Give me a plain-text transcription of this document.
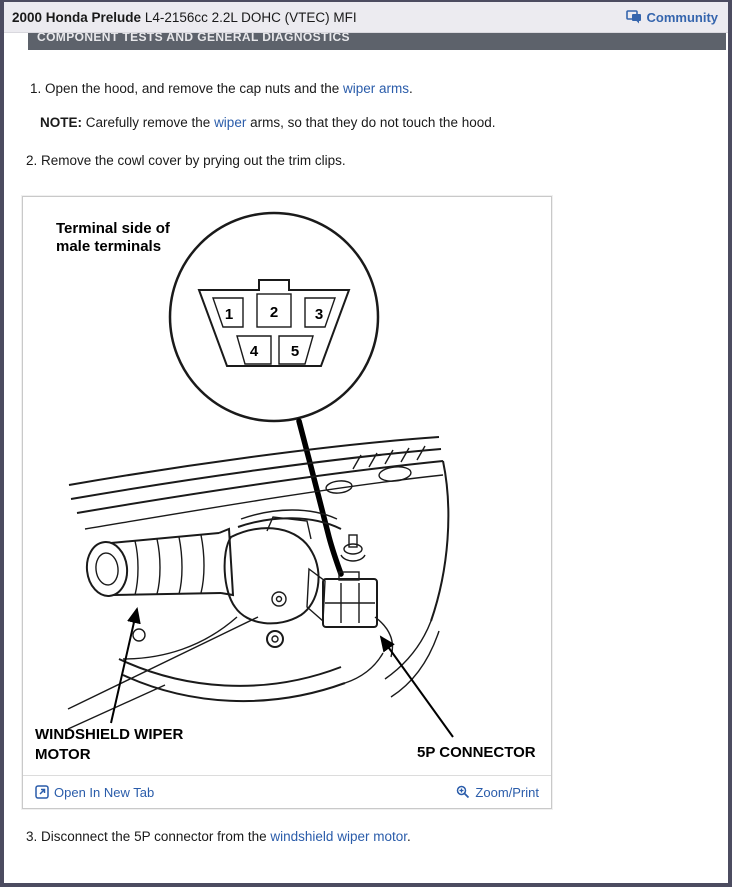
2000 Honda Prelude L4-2156cc 2.2L DOHC (VTEC) MFI	Community
COMPONENT TESTS AND GENERAL DIAGNOSTICS

1. Open the hood, and remove the cap nuts and the wiper arms.

NOTE: Carefully remove the wiper arms, so that they do not touch the hood.

2. Remove the cowl cover by prying out the trim clips.

Terminal side of
male terminals
1 2 3
4 5
WINDSHIELD WIPER
MOTOR	5P CONNECTOR
Open In New Tab	Zoom/Print

3. Disconnect the 5P connector from the windshield wiper motor.
